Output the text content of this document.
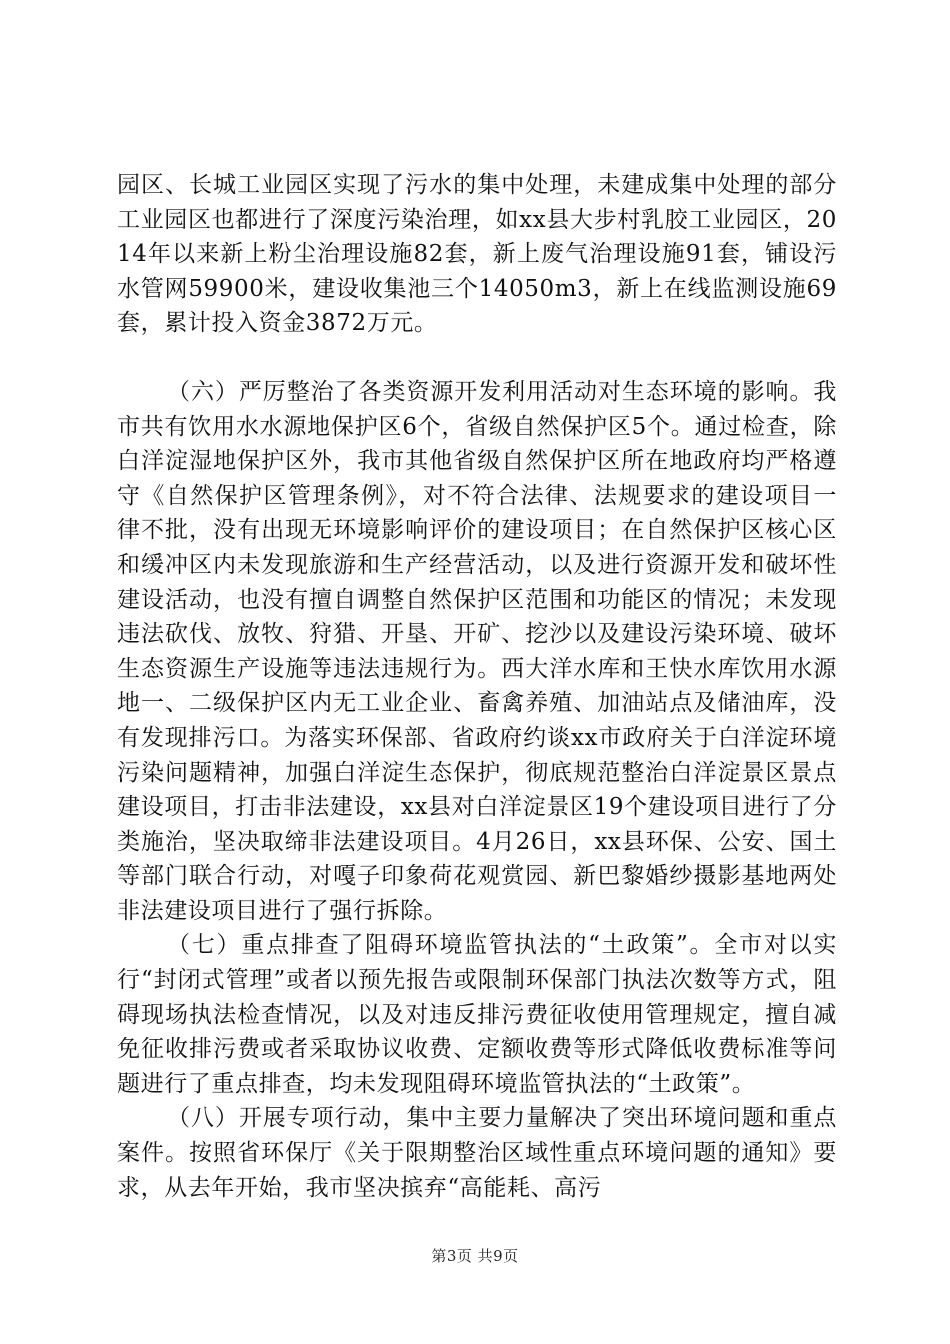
园区、长城工业园区实现了污水的集中处理，未建成集中处理的部分工业园区也都进行了深度污染治理，如xx县大步村乳胶工业园区，2014年以来新上粉尘治理设施82套，新上废气治理设施91套，铺设污水管网59900米，建设收集池三个14050m3，新上在线监测设施69套，累计投入资金3872万元。

（六）严厉整治了各类资源开发利用活动对生态环境的影响。我市共有饮用水水源地保护区6个，省级自然保护区5个。通过检查，除白洋淀湿地保护区外，我市其他省级自然保护区所在地政府均严格遵守《自然保护区管理条例》，对不符合法律、法规要求的建设项目一律不批，没有出现无环境影响评价的建设项目；在自然保护区核心区和缓冲区内未发现旅游和生产经营活动，以及进行资源开发和破坏性建设活动，也没有擅自调整自然保护区范围和功能区的情况；未发现违法砍伐、放牧、狩猎、开垦、开矿、挖沙以及建设污染环境、破坏生态资源生产设施等违法违规行为。西大洋水库和王快水库饮用水源地一、二级保护区内无工业企业、畜禽养殖、加油站点及储油库，没有发现排污口。为落实环保部、省政府约谈xx市政府关于白洋淀环境污染问题精神，加强白洋淀生态保护，彻底规范整治白洋淀景区景点建设项目，打击非法建设，xx县对白洋淀景区19个建设项目进行了分类施治，坚决取缔非法建设项目。4月26日，xx县环保、公安、国土等部门联合行动，对嘎子印象荷花观赏园、新巴黎婚纱摄影基地两处非法建设项目进行了强行拆除。

（七）重点排查了阻碍环境监管执法的“土政策”。全市对以实行“封闭式管理”或者以预先报告或限制环保部门执法次数等方式，阻碍现场执法检查情况，以及对违反排污费征收使用管理规定，擅自减免征收排污费或者采取协议收费、定额收费等形式降低收费标准等问题进行了重点排查，均未发现阻碍环境监管执法的“土政策”。

（八）开展专项行动，集中主要力量解决了突出环境问题和重点案件。按照省环保厅《关于限期整治区域性重点环境问题的通知》要求，从去年开始，我市坚决摈弃“高能耗、高污

第3页 共9页
